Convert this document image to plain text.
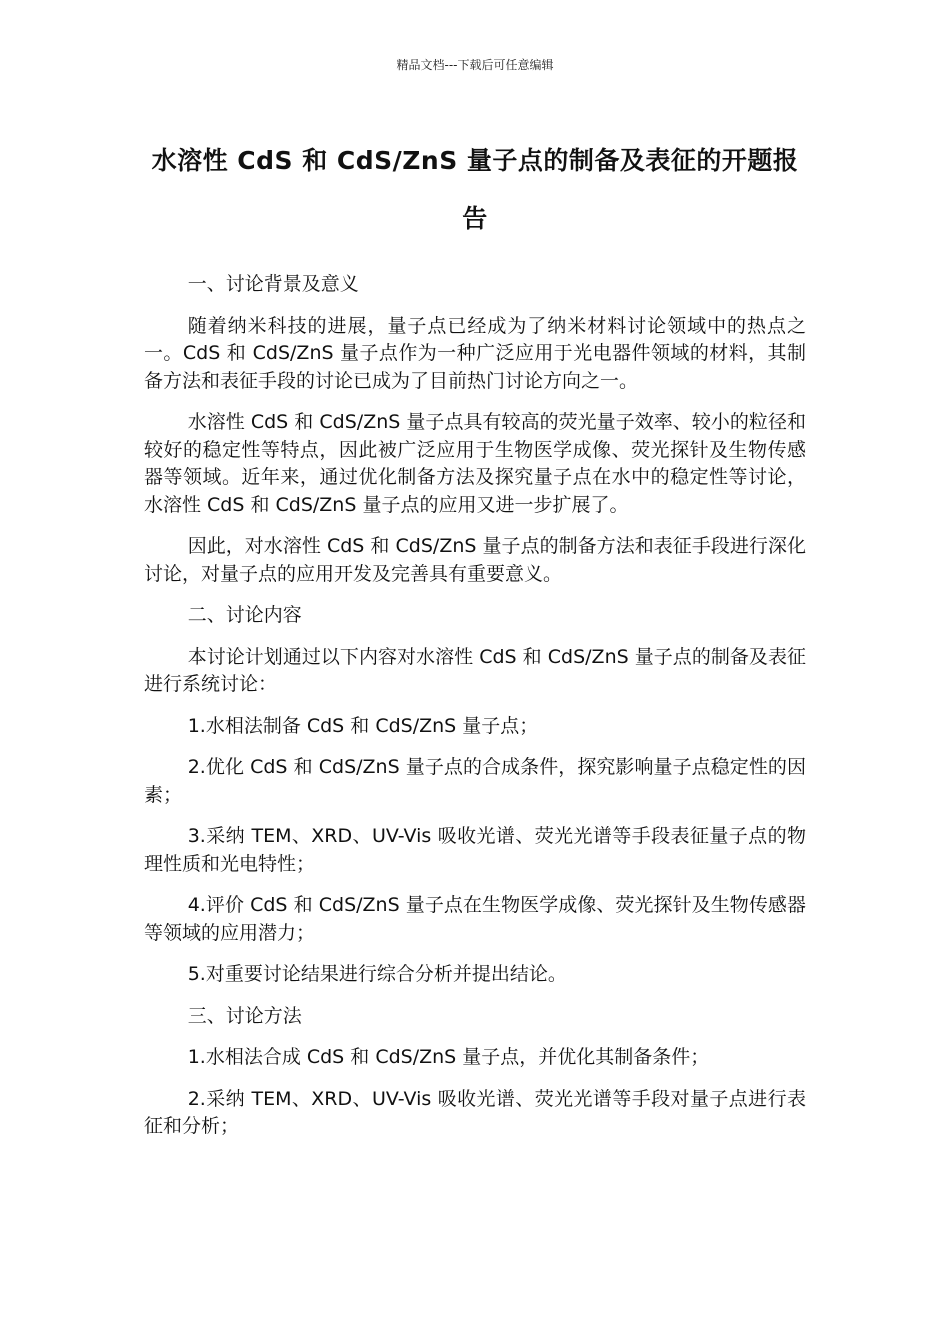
精品文档---下载后可任意编辑
水溶性 CdS 和 CdS/ZnS 量子点的制备及表征的开题报告

一、讨论背景及意义

随着纳米科技的进展，量子点已经成为了纳米材料讨论领域中的热点之一。CdS 和 CdS/ZnS 量子点作为一种广泛应用于光电器件领域的材料，其制备方法和表征手段的讨论已成为了目前热门讨论方向之一。

水溶性 CdS 和 CdS/ZnS 量子点具有较高的荧光量子效率、较小的粒径和较好的稳定性等特点，因此被广泛应用于生物医学成像、荧光探针及生物传感器等领域。近年来，通过优化制备方法及探究量子点在水中的稳定性等讨论，水溶性 CdS 和 CdS/ZnS 量子点的应用又进一步扩展了。

因此，对水溶性 CdS 和 CdS/ZnS 量子点的制备方法和表征手段进行深化讨论，对量子点的应用开发及完善具有重要意义。

二、讨论内容

本讨论计划通过以下内容对水溶性 CdS 和 CdS/ZnS 量子点的制备及表征进行系统讨论：

1.水相法制备 CdS 和 CdS/ZnS 量子点；

2.优化 CdS 和 CdS/ZnS 量子点的合成条件，探究影响量子点稳定性的因素；

3.采纳 TEM、XRD、UV-Vis 吸收光谱、荧光光谱等手段表征量子点的物理性质和光电特性；

4.评价 CdS 和 CdS/ZnS 量子点在生物医学成像、荧光探针及生物传感器等领域的应用潜力；

5.对重要讨论结果进行综合分析并提出结论。

三、讨论方法

1.水相法合成 CdS 和 CdS/ZnS 量子点，并优化其制备条件；

2.采纳 TEM、XRD、UV-Vis 吸收光谱、荧光光谱等手段对量子点进行表征和分析；
